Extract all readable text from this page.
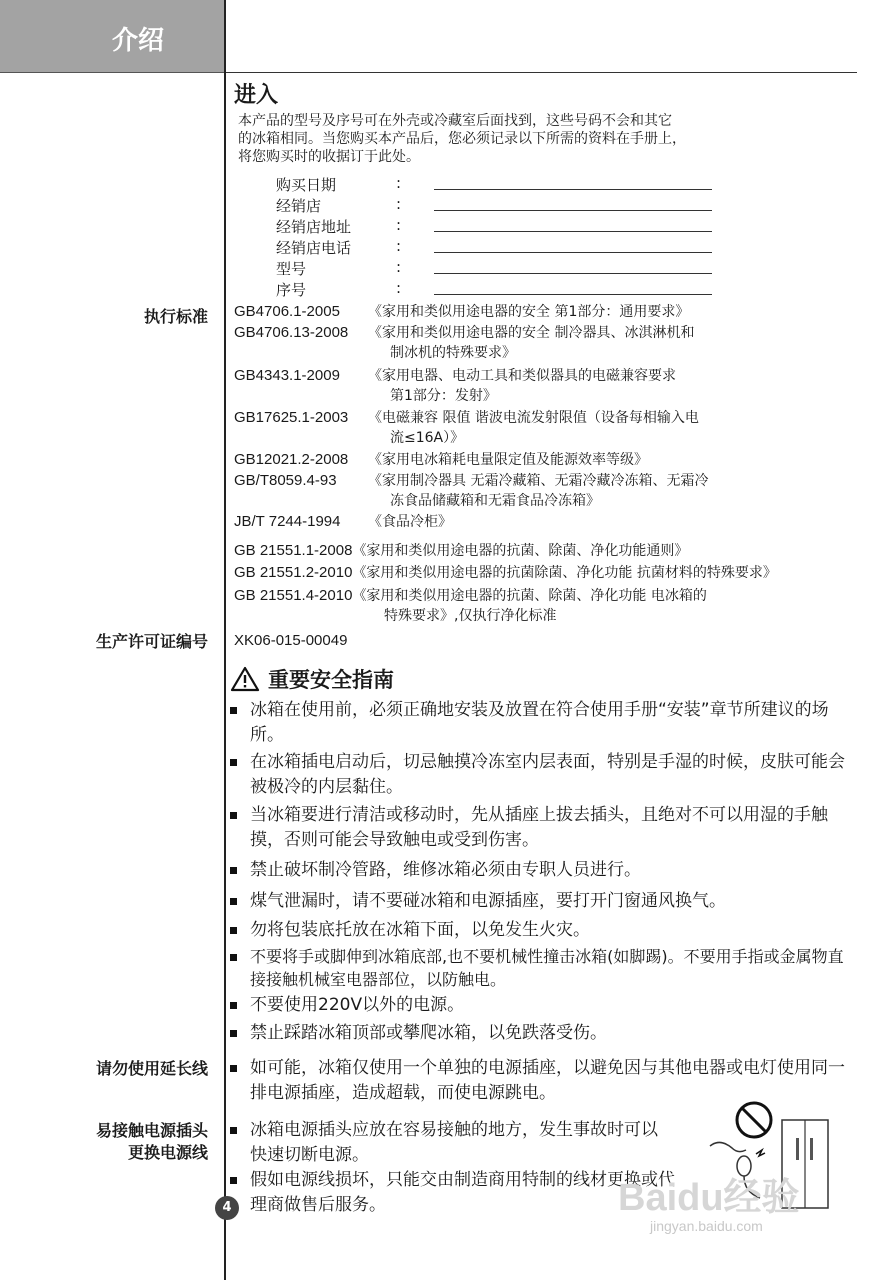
介绍
进入
本产品的型号及序号可在外壳或冷藏室后面找到，这些号码不会和其它
的冰箱相同。当您购买本产品后，您必须记录以下所需的资料在手册上，
将您购买时的收据订于此处。
购买日期	:
经销店	:
经销店地址	:
经销店电话	:
型号	:
序号	:
执行标准 GB4706.1-2005 《家用和类似用途电器的安全 第1部分：通用要求》
GB4706.13-2008 《家用和类似用途电器的安全 制冷器具、冰淇淋机和
制冰机的特殊要求》
GB4343.1-2009 《家用电器、电动工具和类似器具的电磁兼容要求
第1部分：发射》
GB17625.1-2003 《电磁兼容 限值 谐波电流发射限值（设备每相输入电
流≤16A）》
GB12021.2-2008 《家用电冰箱耗电量限定值及能源效率等级》
GB/T8059.4-93 《家用制冷器具 无霜冷藏箱、无霜冷藏冷冻箱、无霜冷
冻食品储藏箱和无霜食品冷冻箱》
JB/T 7244-1994 《食品冷柜》
GB 21551.1-2008《家用和类似用途电器的抗菌、除菌、净化功能通则》
GB 21551.2-2010《家用和类似用途电器的抗菌除菌、净化功能 抗菌材料的特殊要求》
GB 21551.4-2010《家用和类似用途电器的抗菌、除菌、净化功能 电冰箱的
特殊要求》,仅执行净化标准
生产许可证编号 XK06-015-00049
重要安全指南
冰箱在使用前，必须正确地安装及放置在符合使用手册“安装”章节所建议的场所。
在冰箱插电启动后，切忌触摸冷冻室内层表面，特别是手湿的时候，皮肤可能会被极冷的内层黏住。
当冰箱要进行清洁或移动时，先从插座上拔去插头，且绝对不可以用湿的手触摸，否则可能会导致触电或受到伤害。
禁止破坏制冷管路，维修冰箱必须由专职人员进行。
煤气泄漏时，请不要碰冰箱和电源插座，要打开门窗通风换气。
勿将包装底托放在冰箱下面，以免发生火灾。
不要将手或脚伸到冰箱底部,也不要机械性撞击冰箱(如脚踢)。不要用手指或金属物直接接触机械室电器部位，以防触电。
不要使用220V以外的电源。
禁止踩踏冰箱顶部或攀爬冰箱，以免跌落受伤。
请勿使用延长线 如可能，冰箱仅使用一个单独的电源插座，以避免因与其他电器或电灯使用同一排电源插座，造成超载，而使电源跳电。
易接触电源插头
更换电源线
冰箱电源插头应放在容易接触的地方，发生事故时可以快速切断电源。
假如电源线损坏，只能交由制造商用特制的线材更换或代理商做售后服务。	Baidu经验
jingyan.baidu.com
4
